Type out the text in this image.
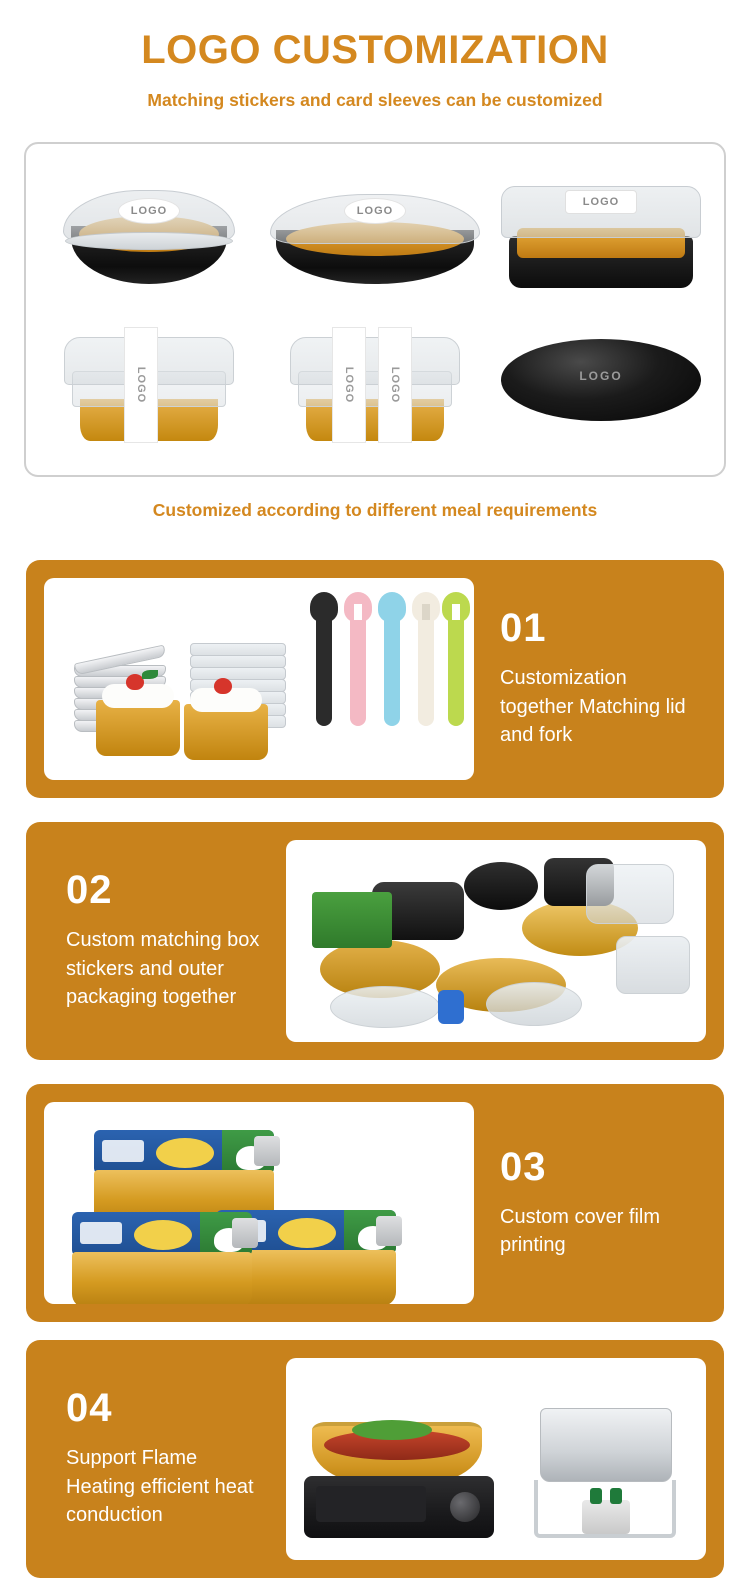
LOGO CUSTOMIZATION
Matching stickers and card sleeves can be customized
LOGO	LOGO
LOGO
LOGO	LOGO	LOGO	LOGO
Customized according to different meal requirements
01
Customization together Matching lid and fork
02
Custom matching box stickers and outer packaging together
03
Custom cover film printing
04
Support Flame Heating efficient heat conduction
